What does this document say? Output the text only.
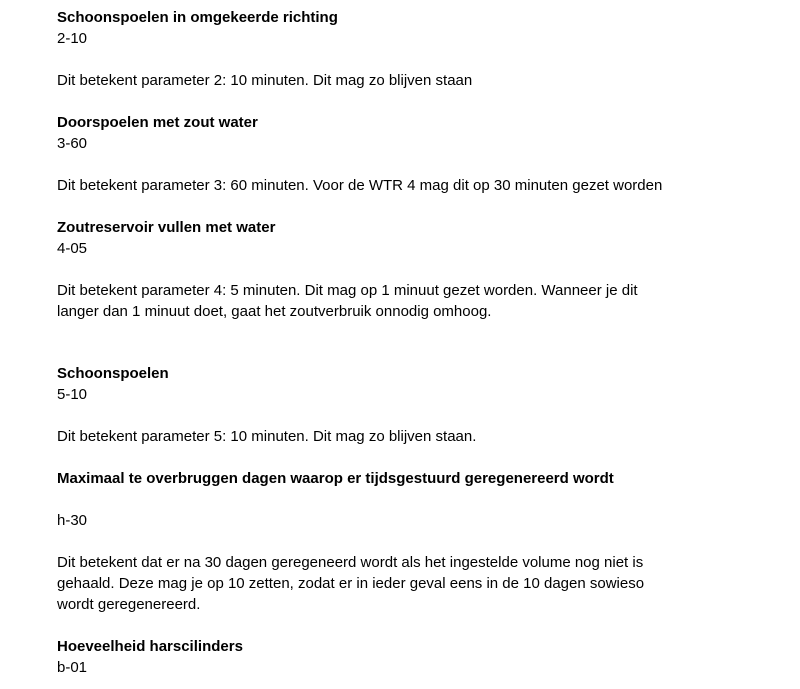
Schoonspoelen in omgekeerde richting
2-10
Dit betekent parameter 2: 10 minuten. Dit mag zo blijven staan
Doorspoelen met zout water
3-60
Dit betekent parameter 3: 60 minuten. Voor de WTR 4 mag dit op 30 minuten gezet worden
Zoutreservoir vullen met water
4-05
Dit betekent parameter 4: 5 minuten. Dit mag op 1 minuut gezet worden. Wanneer je dit
langer dan 1 minuut doet, gaat het zoutverbruik onnodig omhoog.
Schoonspoelen
5-10
Dit betekent parameter 5: 10 minuten. Dit mag zo blijven staan.
Maximaal te overbruggen dagen waarop er tijdsgestuurd geregenereerd wordt
h-30
Dit betekent dat er na 30 dagen geregeneerd wordt als het ingestelde volume nog niet is
gehaald. Deze mag je op 10 zetten, zodat er in ieder geval eens in de 10 dagen sowieso
wordt geregenereerd.
Hoeveelheid harscilinders
b-01
